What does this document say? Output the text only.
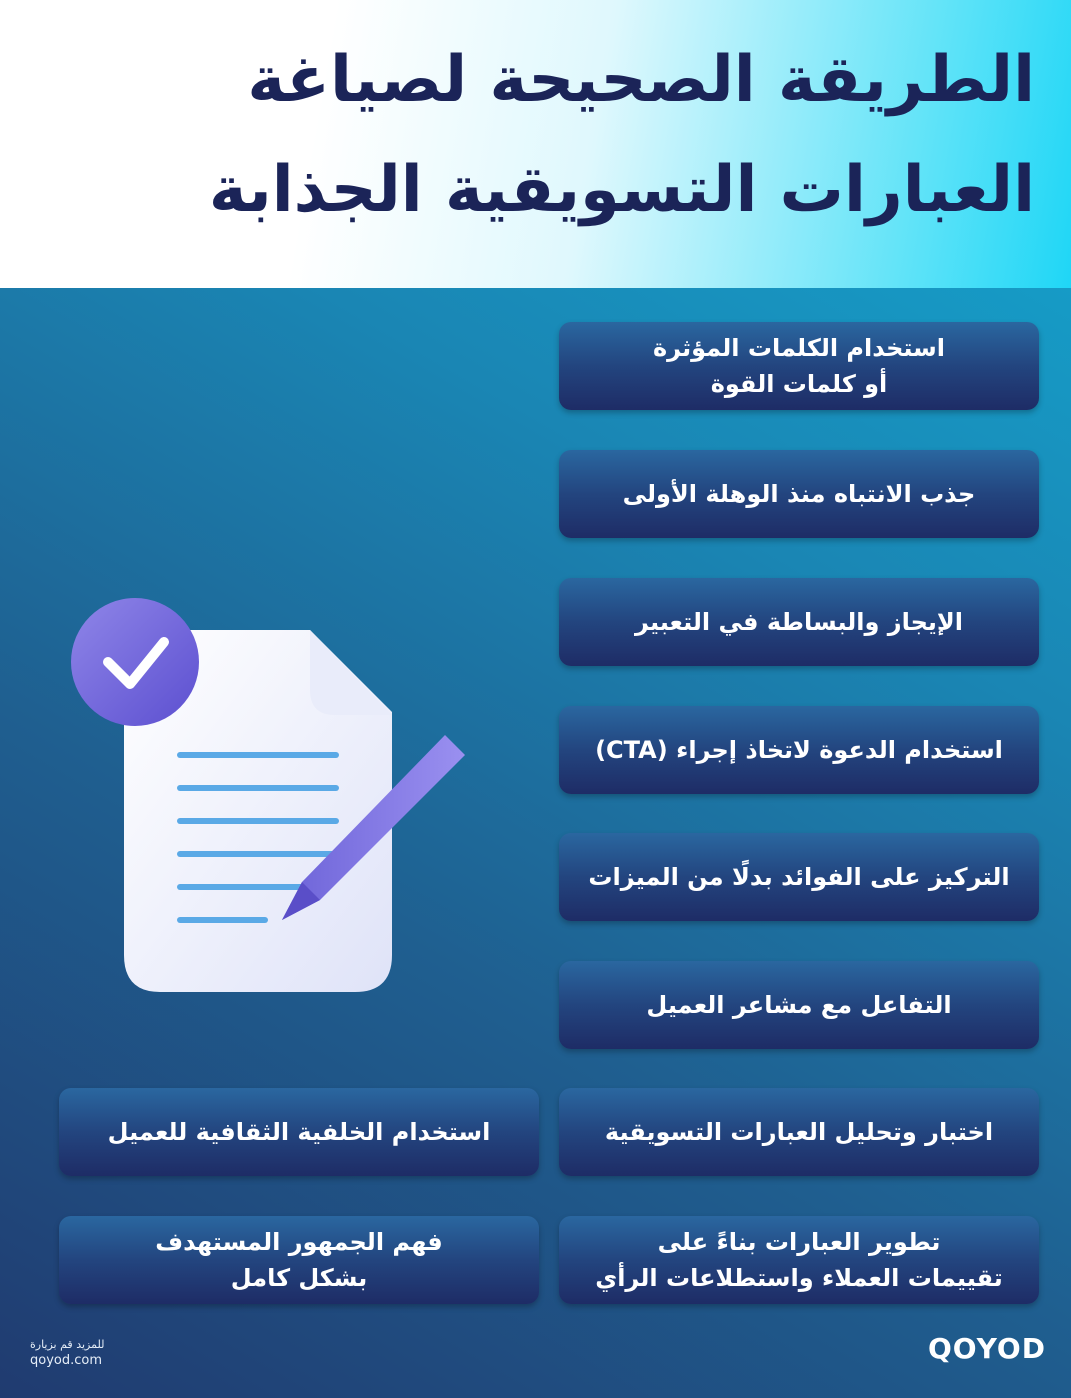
الطريقة الصحيحة لصياغة
العبارات التسويقية الجذابة
استخدام الكلمات المؤثرة
أو كلمات القوة
جذب الانتباه منذ الوهلة الأولى
الإيجاز والبساطة في التعبير
استخدام الدعوة لاتخاذ إجراء (CTA)
التركيز على الفوائد بدلًا من الميزات
التفاعل مع مشاعر العميل
اختبار وتحليل العبارات التسويقية
استخدام الخلفية الثقافية للعميل
تطوير العبارات بناءً على
تقييمات العملاء واستطلاعات الرأي
فهم الجمهور المستهدف
بشكل كامل
للمزيد قم بزيارة
qoyod.com	QOYOD
